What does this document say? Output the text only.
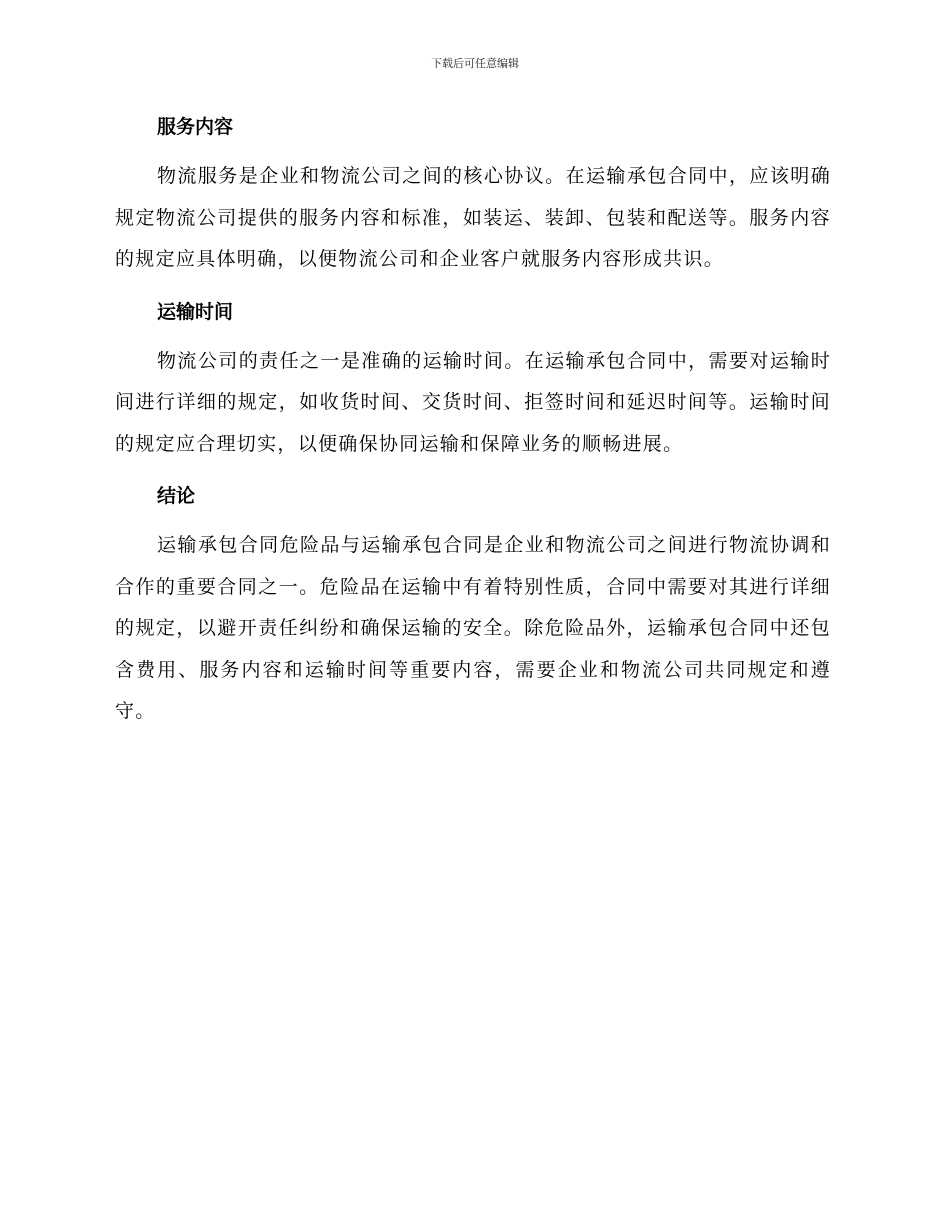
下载后可任意编辑
服务内容

物流服务是企业和物流公司之间的核心协议。在运输承包合同中，应该明确规定物流公司提供的服务内容和标准，如装运、装卸、包装和配送等。服务内容的规定应具体明确，以便物流公司和企业客户就服务内容形成共识。

运输时间

物流公司的责任之一是准确的运输时间。在运输承包合同中，需要对运输时间进行详细的规定，如收货时间、交货时间、拒签时间和延迟时间等。运输时间的规定应合理切实，以便确保协同运输和保障业务的顺畅进展。

结论

运输承包合同危险品与运输承包合同是企业和物流公司之间进行物流协调和合作的重要合同之一。危险品在运输中有着特别性质，合同中需要对其进行详细的规定，以避开责任纠纷和确保运输的安全。除危险品外，运输承包合同中还包含费用、服务内容和运输时间等重要内容，需要企业和物流公司共同规定和遵守。
